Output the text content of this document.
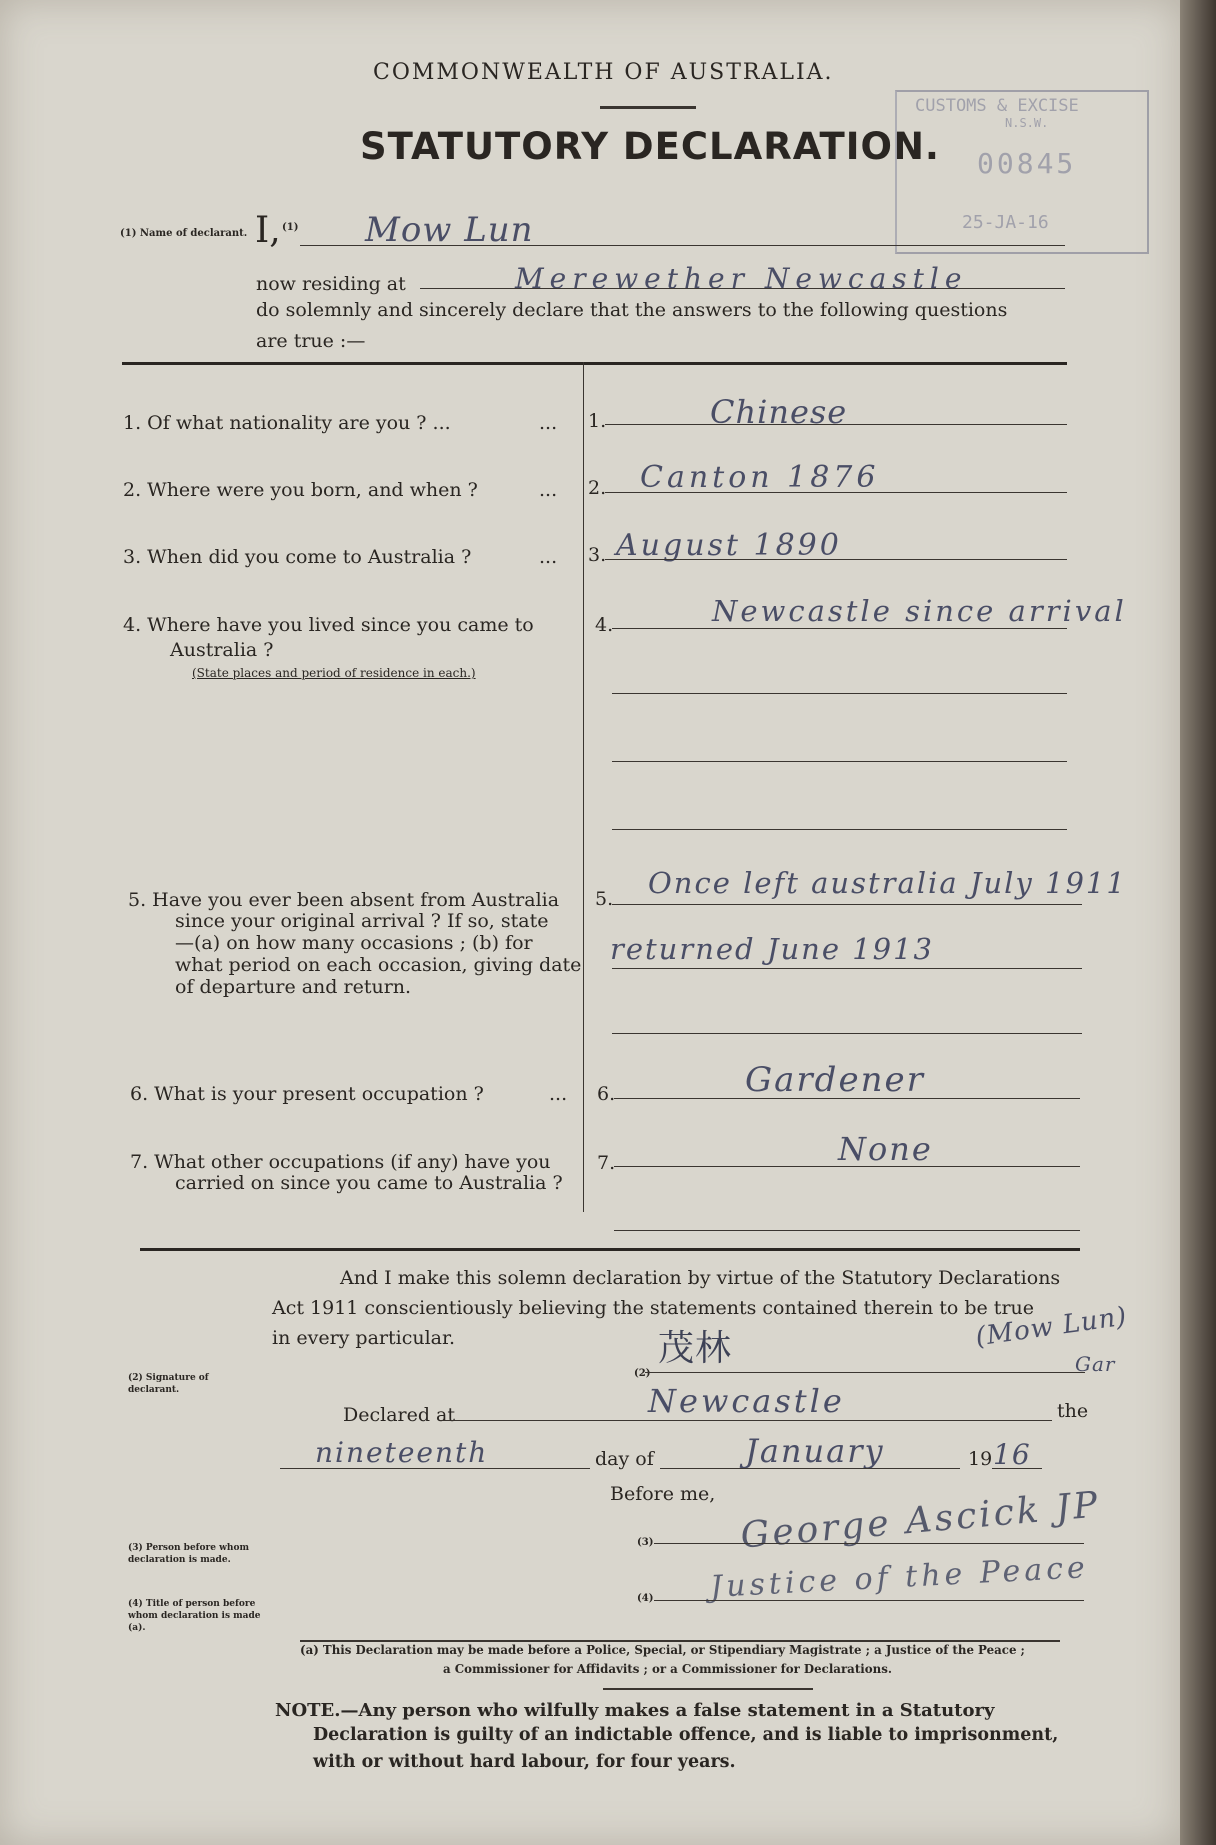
COMMONWEALTH OF AUSTRALIA.
STATUTORY DECLARATION.
CUSTOMS & EXCISE
N.S.W.
00845
25-JA-16
(1) Name of declarant. I, (1) Mow Lun
now residing at	Merewether Newcastle
do solemnly and sincerely declare that the answers to the following questions
are true :—
1. Of what nationality are you ? ...	... 1.	Chinese
2. Where were you born, and when ?	... 2. Canton 1876
3. When did you come to Australia ?	... 3. August 1890
4. Where have you lived since you came to
Australia ?
(State places and period of residence in each.)
4.	Newcastle since arrival
5. Have you ever been absent from Australia
since your original arrival ? If so, state
—(a) on how many occasions ; (b) for
what period on each occasion, giving date
of departure and return.
5. Once left australia July 1911
returned June 1913
6. What is your present occupation ?	... 6.	Gardener
7. What other occupations (if any) have you
carried on since you came to Australia ?
7.	None
And I make this solemn declaration by virtue of the Statutory Declarations
Act 1911 conscientiously believing the statements contained therein to be true
in every particular.
(2) Signature of declarant.
(2)
茂林	(Mow Lun)
Gar
Declared at	Newcastle	the
nineteenth	day of	January	19 16
Before me,
(3) Person before whom declaration is made.
(3) George Ascick JP
(4) Title of person before whom declaration is made (a).
(4) Justice of the Peace
(a) This Declaration may be made before a Police, Special, or Stipendiary Magistrate ; a Justice of the Peace ;
a Commissioner for Affidavits ; or a Commissioner for Declarations.
NOTE.—Any person who wilfully makes a false statement in a Statutory
Declaration is guilty of an indictable offence, and is liable to imprisonment,
with or without hard labour, for four years.
